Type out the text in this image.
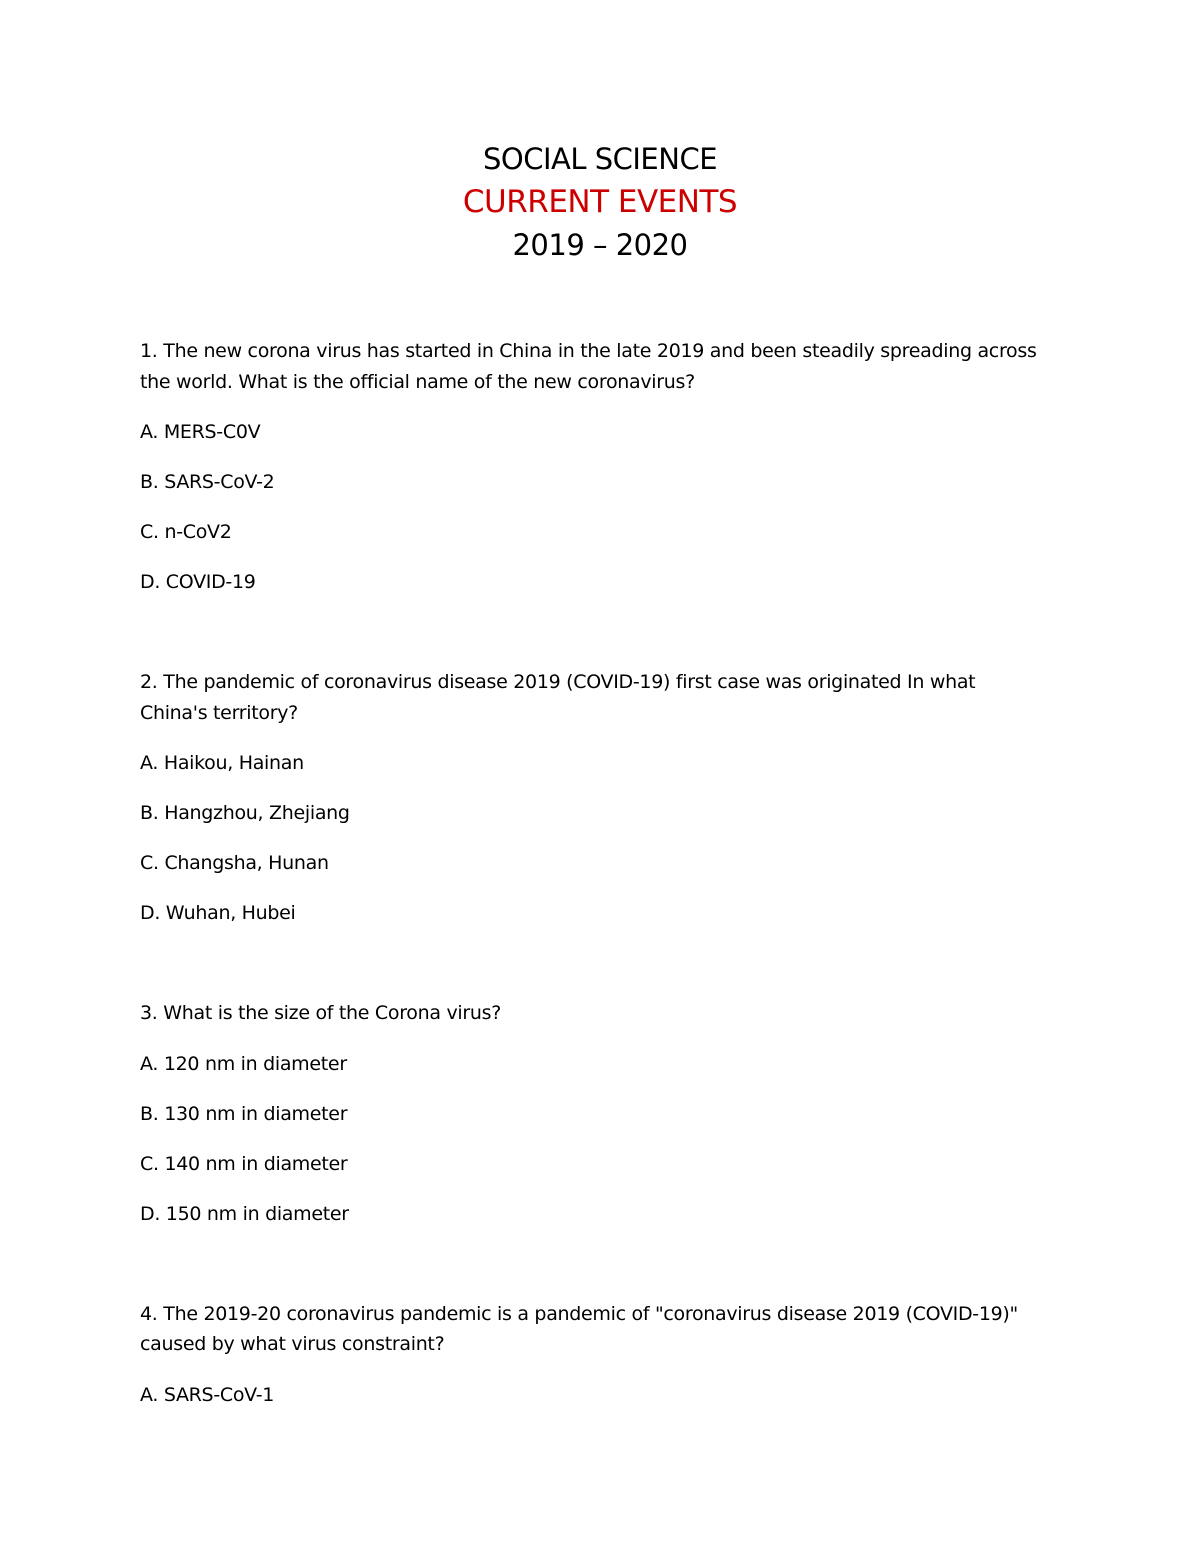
SOCIAL SCIENCE
CURRENT EVENTS
2019 – 2020

1. The new corona virus has started in China in the late 2019 and been steadily spreading across the world. What is the official name of the new coronavirus?

A. MERS-C0V
B. SARS-CoV-2
C. n-CoV2
D. COVID-19

2. The pandemic of coronavirus disease 2019 (COVID-19) first case was originated In what China's territory?

A. Haikou, Hainan
B. Hangzhou, Zhejiang
C. Changsha, Hunan
D. Wuhan, Hubei

3. What is the size of the Corona virus?

A. 120 nm in diameter
B. 130 nm in diameter
C. 140 nm in diameter
D. 150 nm in diameter

4. The 2019-20 coronavirus pandemic is a pandemic of "coronavirus disease 2019 (COVID-19)" caused by what virus constraint?

A. SARS-CoV-1
